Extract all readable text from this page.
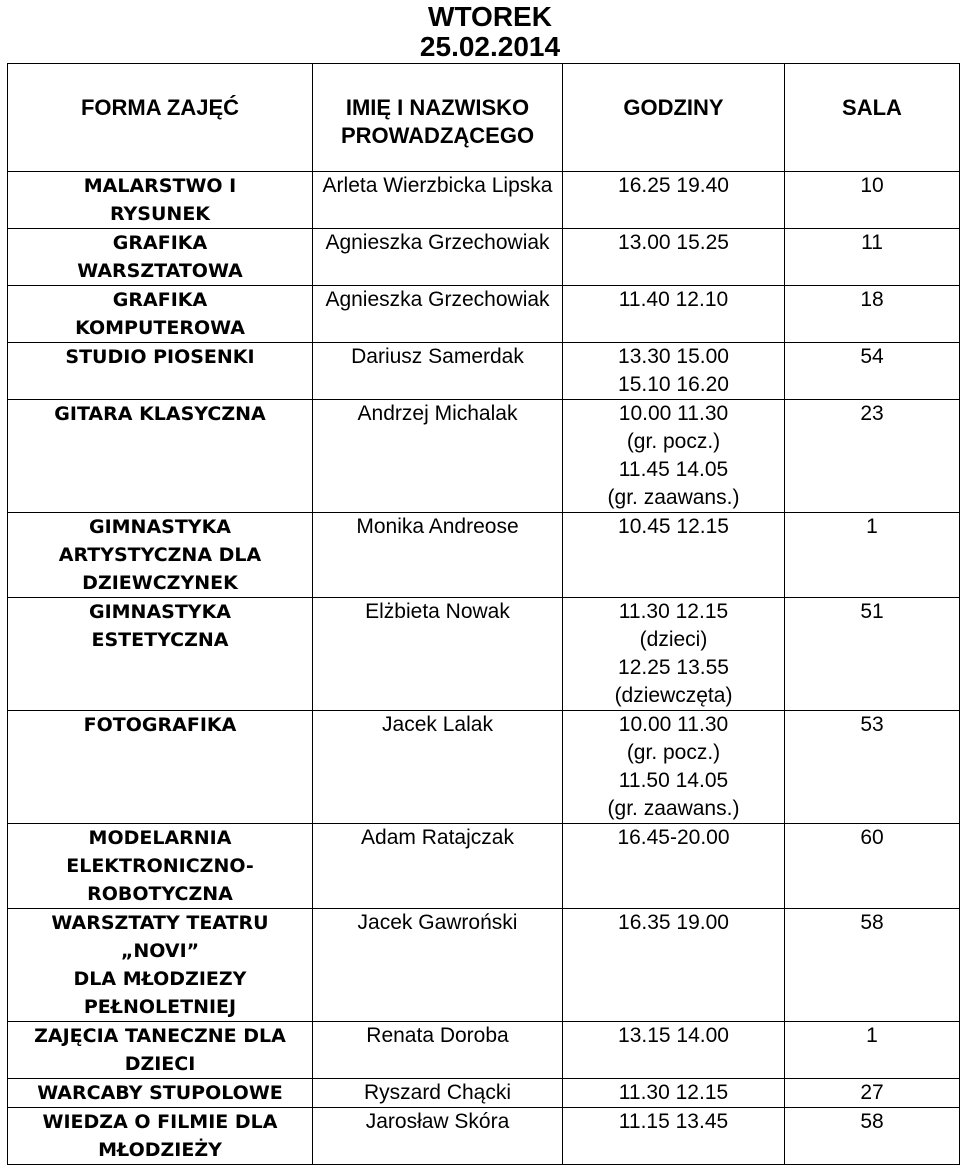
WTOREK
25.02.2014
FORMA ZAJĘĆ	IMIĘ I NAZWISKO
PROWADZĄCEGO	GODZINY	SALA

MALARSTWO I
RYSUNEK	Arleta Wierzbicka Lipska	16.25 19.40	10

GRAFIKA
WARSZTATOWA	Agnieszka Grzechowiak	13.00 15.25	11

GRAFIKA
KOMPUTEROWA	Agnieszka Grzechowiak	11.40 12.10	18

STUDIO PIOSENKI	Dariusz Samerdak	13.30 15.00
15.10 16.20	54

GITARA KLASYCZNA	Andrzej Michalak	10.00 11.30
(gr. pocz.)
11.45 14.05
(gr. zaawans.)	23

GIMNASTYKA
ARTYSTYCZNA DLA
DZIEWCZYNEK	Monika Andreose	10.45 12.15	1

GIMNASTYKA
ESTETYCZNA	Elżbieta Nowak	11.30 12.15
(dzieci)
12.25 13.55
(dziewczęta)	51

FOTOGRAFIKA	Jacek Lalak	10.00 11.30
(gr. pocz.)
11.50 14.05
(gr. zaawans.)	53

MODELARNIA
ELEKTRONICZNO-
ROBOTYCZNA	Adam Ratajczak	16.45-20.00	60

WARSZTATY TEATRU
„NOVI”
DLA MŁODZIEZY
PEŁNOLETNIEJ	Jacek Gawroński	16.35 19.00	58

ZAJĘCIA TANECZNE DLA
DZIECI	Renata Doroba	13.15 14.00	1

WARCABY STUPOLOWE	Ryszard Chącki	11.30 12.15	27

WIEDZA O FILMIE DLA
MŁODZIEŻY	Jarosław Skóra	11.15 13.45	58
